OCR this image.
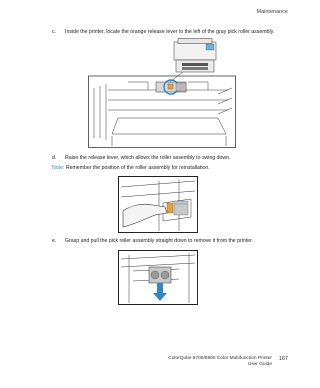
Maintenance
c. Inside the printer, locate the orange release lever to the left of the gray pick roller assembly.
d. Raise the release lever, which allows the roller assembly to swing down.
Note: Remember the position of the roller assembly for reinstallation.
e. Grasp and pull the pick roller assembly straight down to remove it from the printer.
ColorQube 8700/8900 Color Multifunction Printer
User Guide
167
